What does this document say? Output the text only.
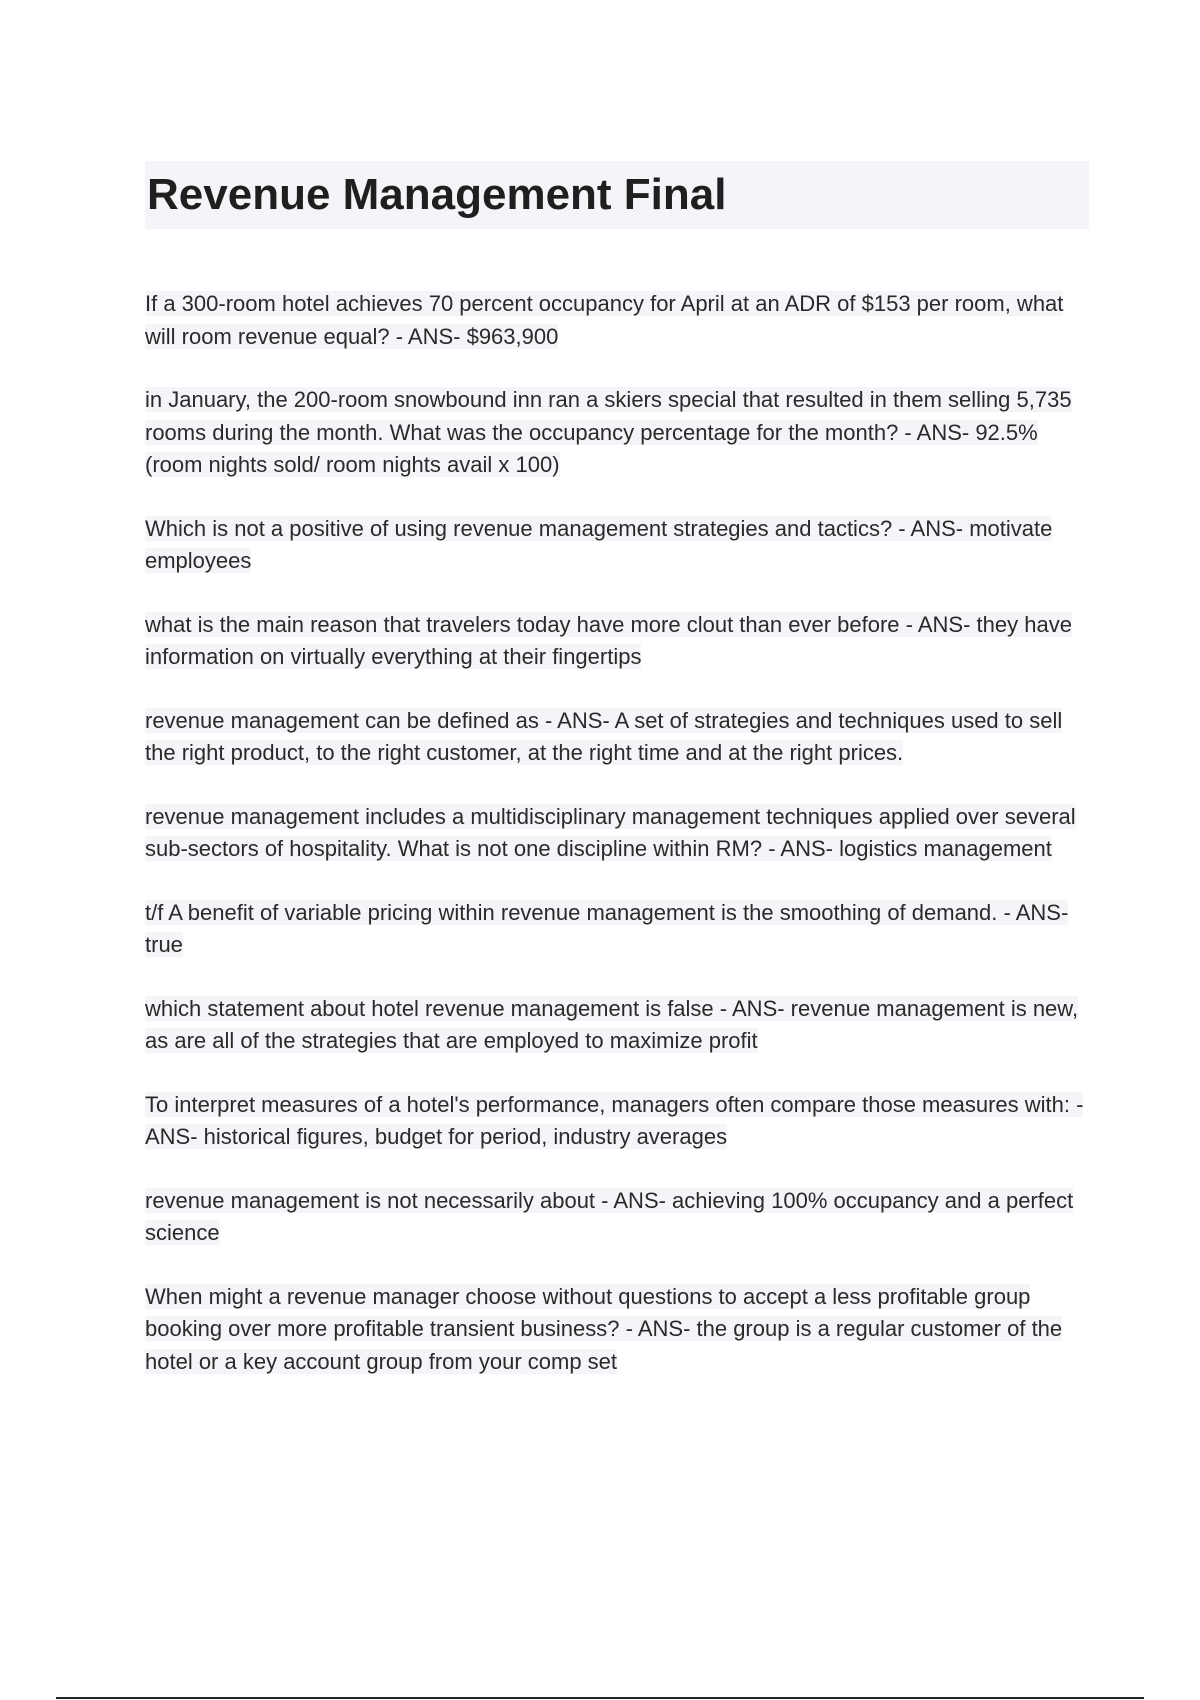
Revenue Management Final
If a 300-room hotel achieves 70 percent occupancy for April at an ADR of $153 per room, what will room revenue equal? - ANS- $963,900
in January, the 200-room snowbound inn ran a skiers special that resulted in them selling 5,735 rooms during the month. What was the occupancy percentage for the month? - ANS- 92.5% (room nights sold/ room nights avail x 100)
Which is not a positive of using revenue management strategies and tactics? - ANS- motivate employees
what is the main reason that travelers today have more clout than ever before - ANS- they have information on virtually everything at their fingertips
revenue management can be defined as - ANS- A set of strategies and techniques used to sell the right product, to the right customer, at the right time and at the right prices.
revenue management includes a multidisciplinary management techniques applied over several sub-sectors of hospitality. What is not one discipline within RM? - ANS- logistics management
t/f A benefit of variable pricing within revenue management is the smoothing of demand. - ANS- true
which statement about hotel revenue management is false - ANS- revenue management is new, as are all of the strategies that are employed to maximize profit
To interpret measures of a hotel's performance, managers often compare those measures with: - ANS- historical figures, budget for period, industry averages
revenue management is not necessarily about - ANS- achieving 100% occupancy and a perfect science
When might a revenue manager choose without questions to accept a less profitable group booking over more profitable transient business? - ANS- the group is a regular customer of the hotel or a key account group from your comp set
